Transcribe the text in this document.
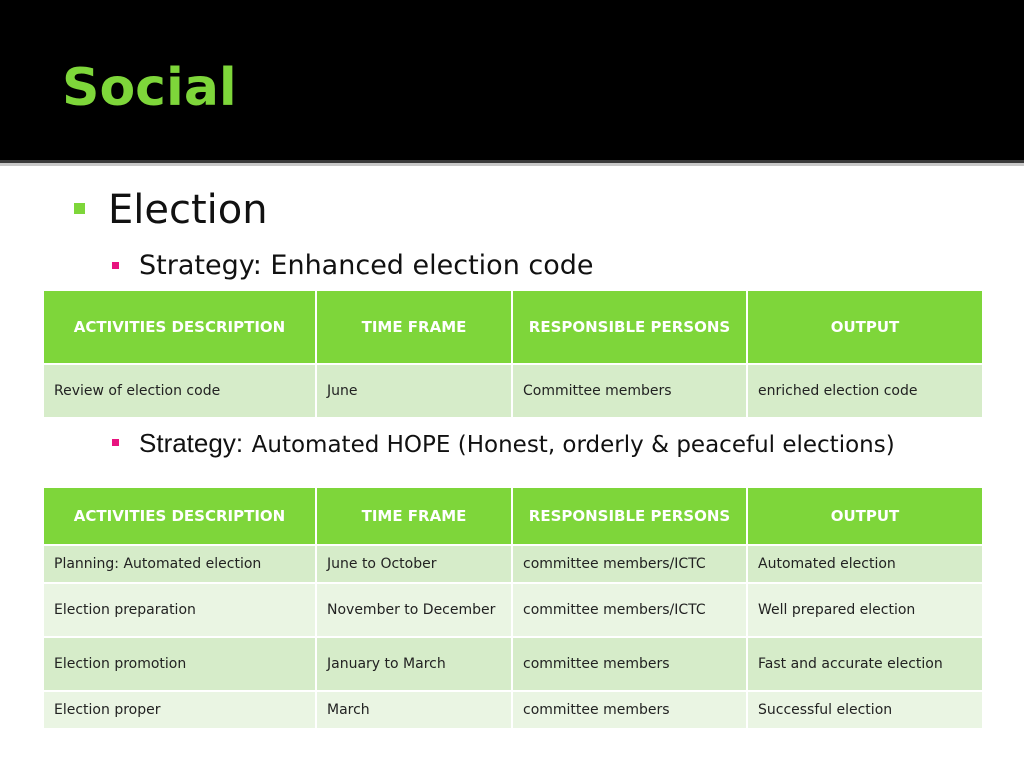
Social
Election
Strategy: Enhanced election code
ACTIVITIES DESCRIPTION	TIME FRAME	RESPONSIBLE PERSONS	OUTPUT
Review of election code	June	Committee members	enriched election code
Strategy: Automated HOPE (Honest, orderly & peaceful elections)
ACTIVITIES DESCRIPTION	TIME FRAME	RESPONSIBLE PERSONS	OUTPUT
Planning: Automated election	June to October	committee members/ICTC	Automated election
Election preparation	November to December	committee members/ICTC	Well prepared election
Election promotion	January to March	committee members	Fast and accurate election
Election proper	March	committee members	Successful election
